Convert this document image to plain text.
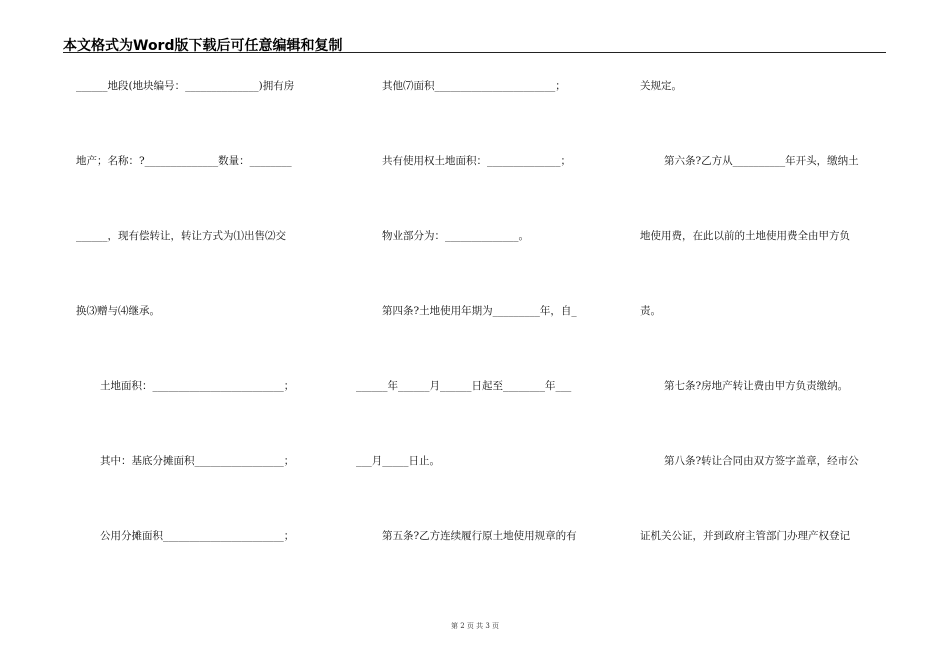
本文格式为Word版下载后可任意编辑和复制
______地段(地块编号：______________)拥有房
地产；名称：?______________数量：________
______，现有偿转让，转让方式为⑴出售⑵交
换⑶赠与⑷继承。
土地面积：_________________________；
其中：基底分摊面积_________________；
公用分摊面积_______________________；
其他⑺面积_______________________；
共有使用权土地面积：______________；
物业部分为：______________。
第四条?土地使用年期为_________年，自_
______年______月______日起至________年___
___月_____日止。
第五条?乙方连续履行原土地使用规章的有
关规定。
第六条?乙方从__________年开头，缴纳土
地使用费，在此以前的土地使用费全由甲方负
责。
第七条?房地产转让费由甲方负责缴纳。
第八条?转让合同由双方签字盖章，经市公
证机关公证，并到政府主管部门办理产权登记
第 2 页 共 3 页
